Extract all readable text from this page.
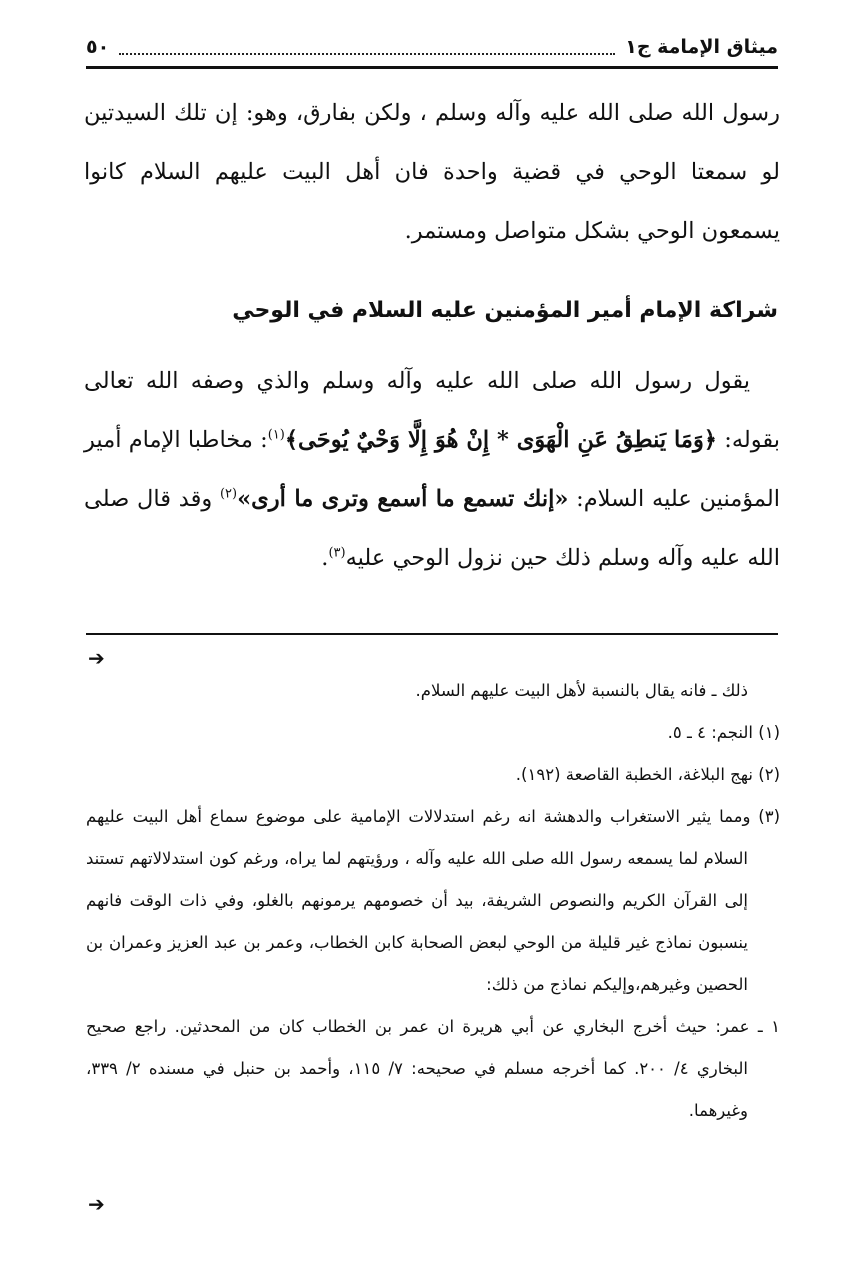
ميثاق الإمامة ج١
٥٠

رسول الله صلى الله عليه وآله وسلم ، ولكن بفارق، وهو: إن تلك السيدتين لو سمعتا الوحي في قضية واحدة فان أهل البيت عليهم السلام كانوا يسمعون الوحي بشكل متواصل ومستمر.

شراكة الإمام أمير المؤمنين عليه السلام في الوحي

يقول رسول الله صلى الله عليه وآله وسلم والذي وصفه الله تعالى بقوله: ﴿وَمَا يَنطِقُ عَنِ الْهَوَى * إِنْ هُوَ إِلَّا وَحْيٌ يُوحَى﴾$^{(١)}$: مخاطبا الإمام أمير المؤمنين عليه السلام: «إنك تسمع ما أسمع وترى ما أرى»$^{(٢)}$ وقد قال صلى الله عليه وآله وسلم ذلك حين نزول الوحي عليه$^{(٣)}$.

➔

ذلك ـ فانه يقال بالنسبة لأهل البيت عليهم السلام.

(١) النجم: ٤ ـ ٥.

(٢) نهج البلاغة، الخطبة القاصعة (١٩٢).

(٣) ومما يثير الاستغراب والدهشة انه رغم استدلالات الإمامية على موضوع سماع أهل البيت عليهم السلام لما يسمعه رسول الله صلى الله عليه وآله ، ورؤيتهم لما يراه، ورغم كون استدلالاتهم تستند إلى القرآن الكريم والنصوص الشريفة، بيد أن خصومهم يرمونهم بالغلو، وفي ذات الوقت فانهم ينسبون نماذج غير قليلة من الوحي لبعض الصحابة كابن الخطاب، وعمر بن عبد العزيز وعمران بن الحصين وغيرهم،وإليكم نماذج من ذلك:

١ ـ عمر: حيث أخرج البخاري عن أبي هريرة ان عمر بن الخطاب كان من المحدثين. راجع صحيح البخاري ٤/ ٢٠٠. كما أخرجه مسلم في صحيحه: ٧/ ١١٥، وأحمد بن حنبل في مسنده ٢/ ٣٣٩، وغيرهما.

➔
